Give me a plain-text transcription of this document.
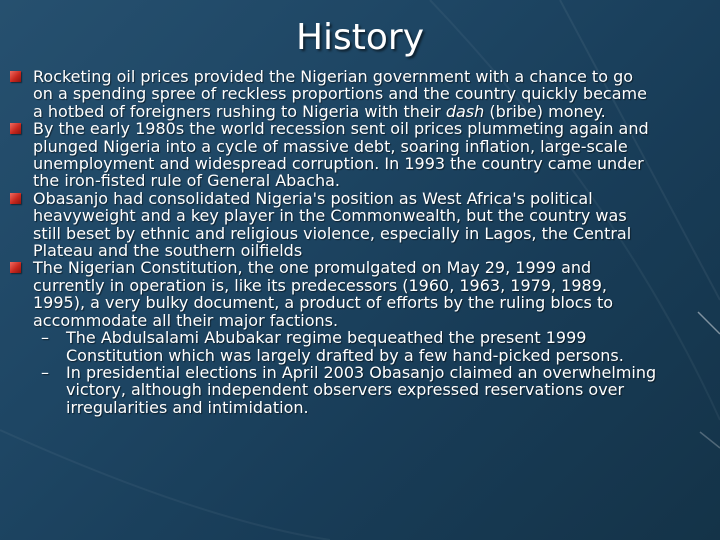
History
Rocketing oil prices provided the Nigerian government with a chance to go
on a spending spree of reckless proportions and the country quickly became
a hotbed of foreigners rushing to Nigeria with their dash (bribe) money.
By the early 1980s the world recession sent oil prices plummeting again and
plunged Nigeria into a cycle of massive debt, soaring inflation, large-scale
unemployment and widespread corruption. In 1993 the country came under
the iron-fisted rule of General Abacha.
Obasanjo had consolidated Nigeria's position as West Africa's political
heavyweight and a key player in the Commonwealth, but the country was
still beset by ethnic and religious violence, especially in Lagos, the Central
Plateau and the southern oilfields
The Nigerian Constitution, the one promulgated on May 29, 1999 and
currently in operation is, like its predecessors (1960, 1963, 1979, 1989,
1995), a very bulky document, a product of efforts by the ruling blocs to
accommodate all their major factions.
– The Abdulsalami Abubakar regime bequeathed the present 1999
Constitution which was largely drafted by a few hand-picked persons.
– In presidential elections in April 2003 Obasanjo claimed an overwhelming
victory, although independent observers expressed reservations over
irregularities and intimidation.
